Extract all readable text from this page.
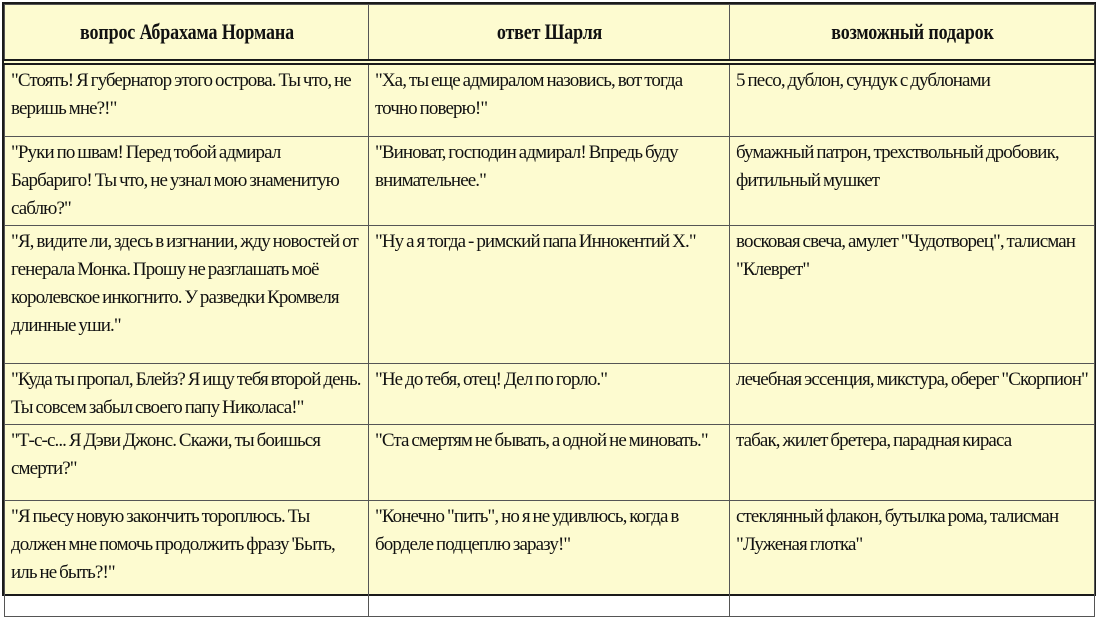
вопрос Абрахама Нормана	ответ Шарля	возможный подарок
"Стоять! Я губернатор этого острова. Ты что, не веришь мне?!"	"Ха, ты еще адмиралом назовись, вот тогда точно поверю!"	5 песо, дублон, сундук с дублонами
"Руки по швам! Перед тобой адмирал Барбариго! Ты что, не узнал мою знаменитую саблю?"	"Виноват, господин адмирал! Впредь буду внимательнее."	бумажный патрон, трехствольный дробовик, фитильный мушкет
"Я, видите ли, здесь в изгнании, жду новостей от генерала Монка. Прошу не разглашать моё королевское инкогнито. У разведки Кромвеля длинные уши."	"Ну а я тогда - римский папа Иннокентий Х."	восковая свеча, амулет "Чудотворец", талисман "Клеврет"
"Куда ты пропал, Блейз? Я ищу тебя второй день. Ты совсем забыл своего папу Николаса!"	"Не до тебя, отец! Дел по горло."	лечебная эссенция, микстура, оберег "Скорпион"
"Т-с-с... Я Дэви Джонс. Скажи, ты боишься смерти?"	"Ста смертям не бывать, а одной не миновать."	табак, жилет бретера, парадная кираса
"Я пьесу новую закончить тороплюсь. Ты должен мне помочь продолжить фразу 'Быть, иль не быть?!"	"Конечно "пить", но я не удивлюсь, когда в борделе подцеплю заразу!"	стеклянный флакон, бутылка рома, талисман "Луженая глотка"
